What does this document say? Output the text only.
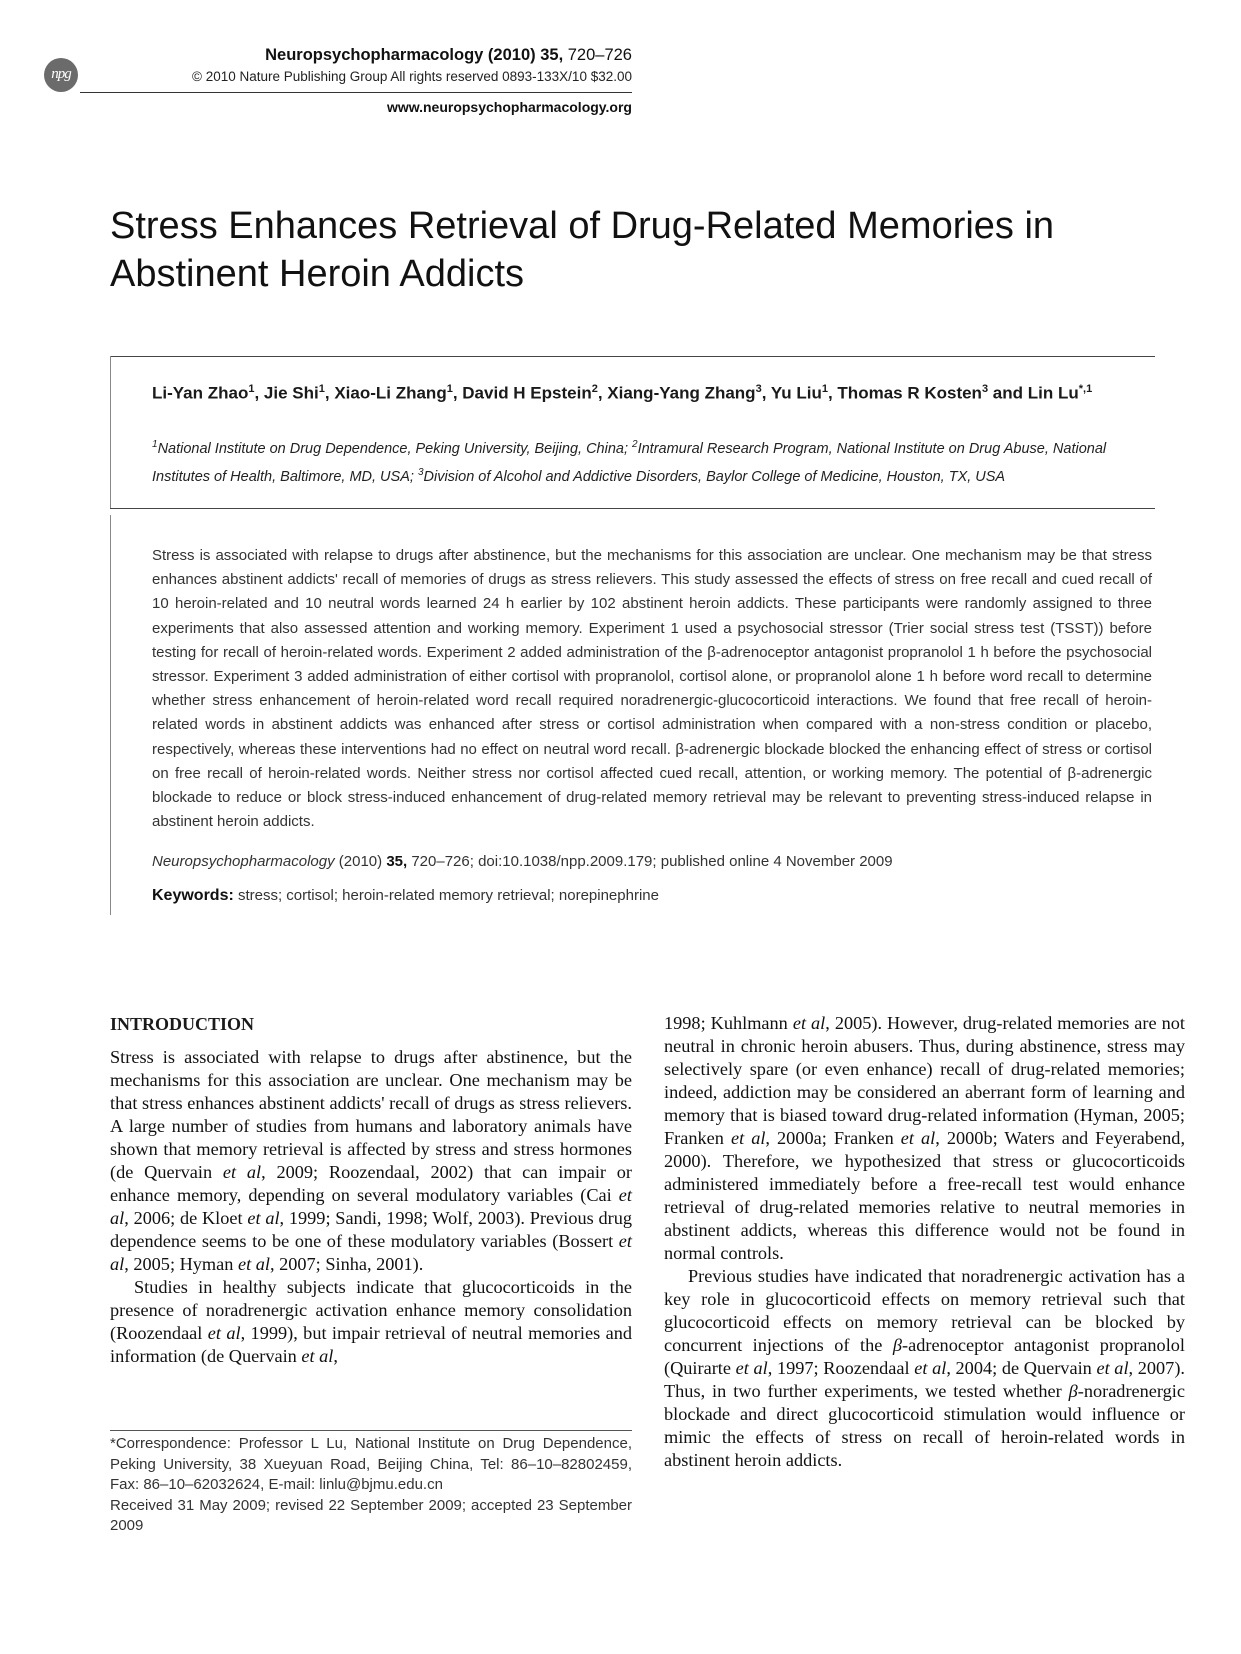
npg
Neuropsychopharmacology (2010) 35, 720–726
© 2010 Nature Publishing Group All rights reserved 0893-133X/10 $32.00
www.neuropsychopharmacology.org
Stress Enhances Retrieval of Drug-Related Memories in
Abstinent Heroin Addicts
Li-Yan Zhao$^1$, Jie Shi$^1$, Xiao-Li Zhang$^1$, David H Epstein$^2$, Xiang-Yang Zhang$^3$, Yu Liu$^1$, Thomas R Kosten$^3$ and Lin $Lu^{*,1}$
$^1$National Institute on Drug Dependence, Peking University, Beijing, China; $^2$Intramural Research Program, National Institute on Drug Abuse, National Institutes of Health, Baltimore, MD, USA; $^3$Division of Alcohol and Addictive Disorders, Baylor College of Medicine, Houston, TX, USA
Stress is associated with relapse to drugs after abstinence, but the mechanisms for this association are unclear. One mechanism may be that stress enhances abstinent addicts' recall of memories of drugs as stress relievers. This study assessed the effects of stress on free recall and cued recall of 10 heroin-related and 10 neutral words learned 24 h earlier by 102 abstinent heroin addicts. These participants were randomly assigned to three experiments that also assessed attention and working memory. Experiment 1 used a psychosocial stressor (Trier social stress test (TSST)) before testing for recall of heroin-related words. Experiment 2 added administration of the β-adrenoceptor antagonist propranolol 1 h before the psychosocial stressor. Experiment 3 added administration of either cortisol with propranolol, cortisol alone, or propranolol alone 1 h before word recall to determine whether stress enhancement of heroin-related word recall required noradrenergic-glucocorticoid interactions. We found that free recall of heroin-related words in abstinent addicts was enhanced after stress or cortisol administration when compared with a non-stress condition or placebo, respectively, whereas these interventions had no effect on neutral word recall. β-adrenergic blockade blocked the enhancing effect of stress or cortisol on free recall of heroin-related words. Neither stress nor cortisol affected cued recall, attention, or working memory. The potential of β-adrenergic blockade to reduce or block stress-induced enhancement of drug-related memory retrieval may be relevant to preventing stress-induced relapse in abstinent heroin addicts.
Neuropsychopharmacology (2010) 35, 720–726; doi:10.1038/npp.2009.179; published online 4 November 2009
Keywords: stress; cortisol; heroin-related memory retrieval; norepinephrine
INTRODUCTION

Stress is associated with relapse to drugs after abstinence, but the mechanisms for this association are unclear. One mechanism may be that stress enhances abstinent addicts' recall of drugs as stress relievers. A large number of studies from humans and laboratory animals have shown that memory retrieval is affected by stress and stress hormones (de Quervain et al, 2009; Roozendaal, 2002) that can impair or enhance memory, depending on several modulatory variables (Cai et al, 2006; de Kloet et al, 1999; Sandi, 1998; Wolf, 2003). Previous drug dependence seems to be one of these modulatory variables (Bossert et al, 2005; Hyman et al, 2007; Sinha, 2001).

Studies in healthy subjects indicate that glucocorticoids in the presence of noradrenergic activation enhance memory consolidation (Roozendaal et al, 1999), but impair retrieval of neutral memories and information (de Quervain et al,

1998; Kuhlmann et al, 2005). However, drug-related memories are not neutral in chronic heroin abusers. Thus, during abstinence, stress may selectively spare (or even enhance) recall of drug-related memories; indeed, addiction may be considered an aberrant form of learning and memory that is biased toward drug-related information (Hyman, 2005; Franken et al, 2000a; Franken et al, 2000b; Waters and Feyerabend, 2000). Therefore, we hypothesized that stress or glucocorticoids administered immediately before a free-recall test would enhance retrieval of drug-related memories relative to neutral memories in abstinent addicts, whereas this difference would not be found in normal controls.

Previous studies have indicated that noradrenergic activation has a key role in glucocorticoid effects on memory retrieval such that glucocorticoid effects on memory retrieval can be blocked by concurrent injections of the β-adrenoceptor antagonist propranolol (Quirarte et al, 1997; Roozendaal et al, 2004; de Quervain et al, 2007). Thus, in two further experiments, we tested whether β-noradrenergic blockade and direct glucocorticoid stimulation would influence or mimic the effects of stress on recall of heroin-related words in abstinent heroin addicts.

*Correspondence: Professor L Lu, National Institute on Drug Dependence, Peking University, 38 Xueyuan Road, Beijing China, Tel: 86–10–82802459, Fax: 86–10–62032624, E-mail: linlu@bjmu.edu.cn
Received 31 May 2009; revised 22 September 2009; accepted 23 September 2009
